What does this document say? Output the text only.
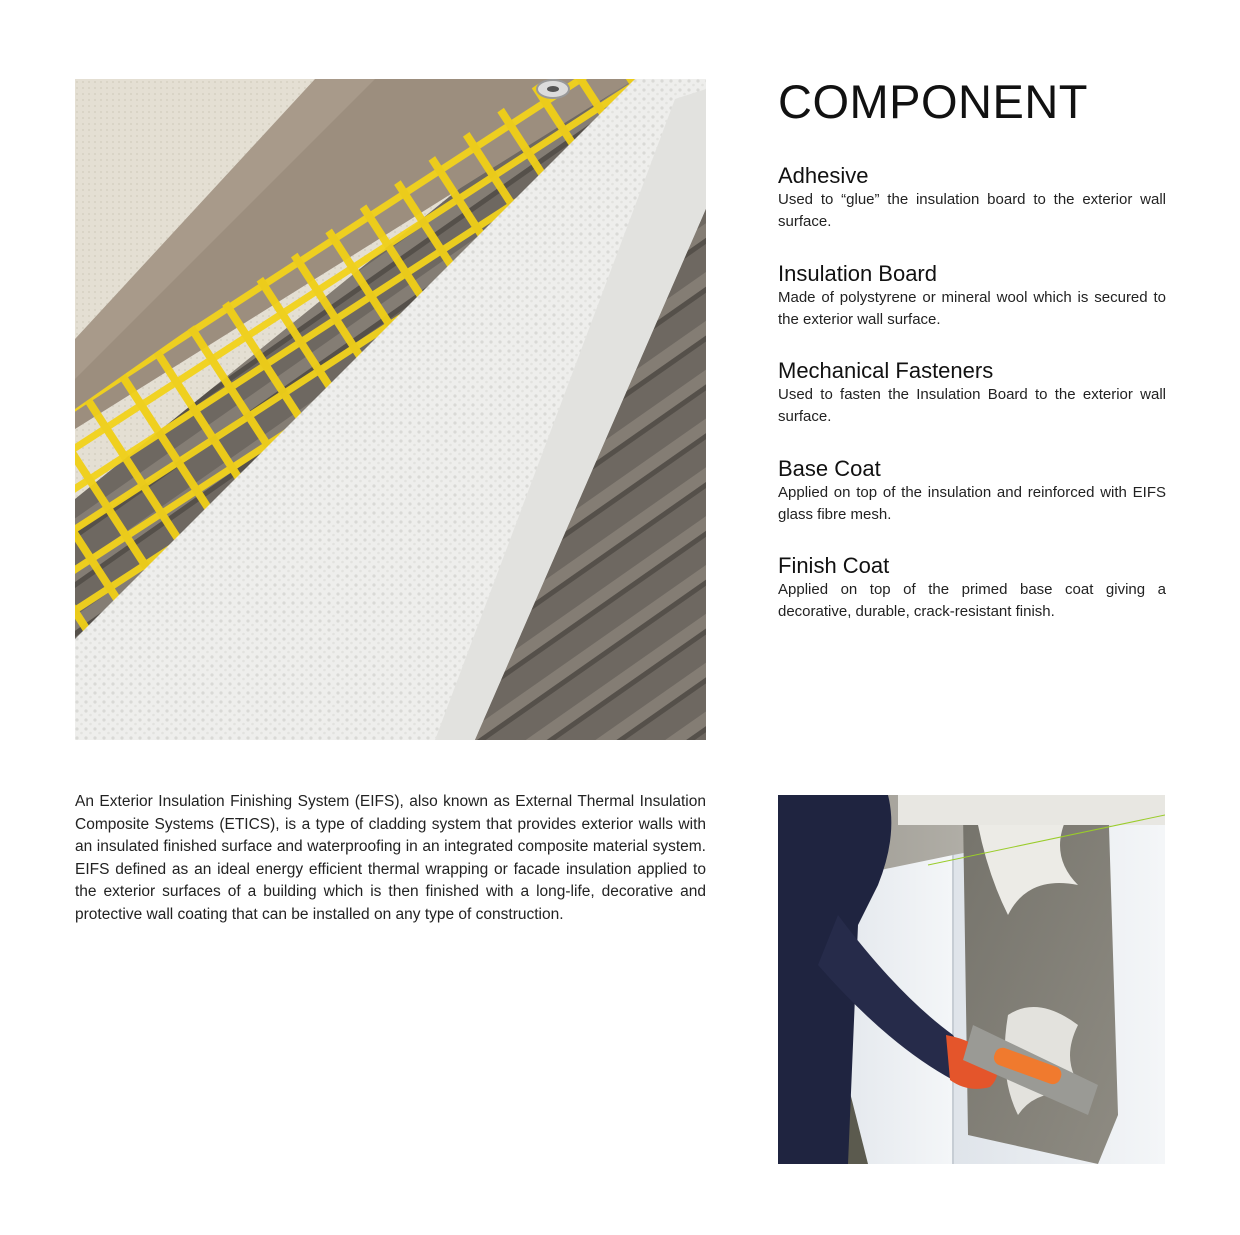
COMPONENT
Adhesive

Used to “glue” the insulation board to the exterior wall surface.

Insulation Board

Made of polystyrene or mineral wool which is secured to the exterior wall surface.

Mechanical Fasteners

Used to fasten the Insulation Board to the exterior wall surface.

Base Coat

Applied on top of the insulation and reinforced with EIFS glass fibre mesh.

Finish Coat

Applied on top of the primed base coat giving a decorative, durable, crack-resistant finish.

An Exterior Insulation Finishing System (EIFS), also known as External Thermal Insulation Composite Systems (ETICS), is a type of cladding system that provides exterior walls with an insulated finished surface and waterproofing in an integrated composite material system. EIFS defined as an ideal energy efficient thermal wrapping or facade insulation applied to the exterior surfaces of a building which is then finished with a long-life, decorative and protective wall coating that can be installed on any type of construction.
